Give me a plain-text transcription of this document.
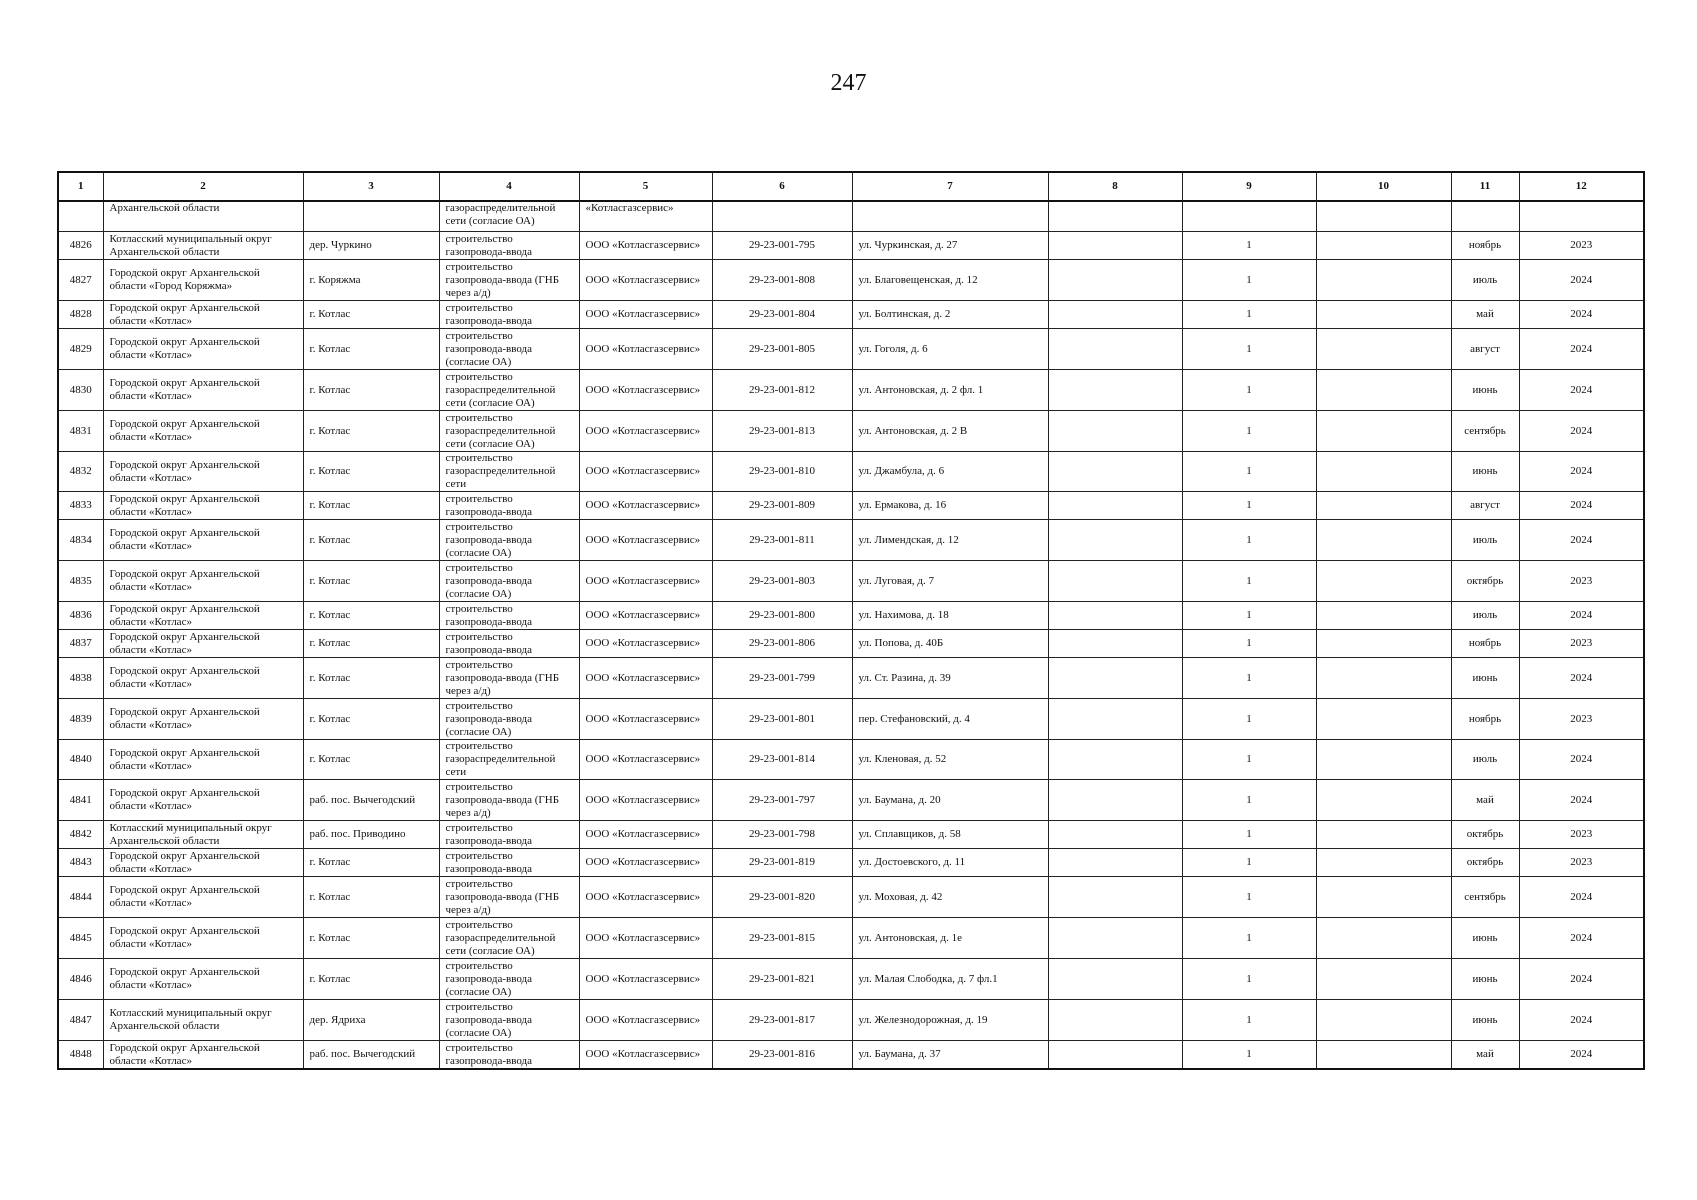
247
1	2	3	4	5	6	7	8	9	10	11	12
	Архангельской области		газораспределительной сети (согласие ОА)	«Котласгазсервис»							
4826	Котласский муниципальный округ Архангельской области	дер. Чуркино	строительство газопровода-ввода	ООО «Котласгазсервис»	29-23-001-795	ул. Чуркинская, д. 27		1		ноябрь	2023
4827	Городской округ Архангельской области «Город Коряжма»	г. Коряжма	строительство газопровода-ввода (ГНБ через а/д)	ООО «Котласгазсервис»	29-23-001-808	ул. Благовещенская, д. 12		1		июль	2024
4828	Городской округ Архангельской области «Котлас»	г. Котлас	строительство газопровода-ввода	ООО «Котласгазсервис»	29-23-001-804	ул. Болтинская, д. 2		1		май	2024
4829	Городской округ Архангельской области «Котлас»	г. Котлас	строительство газопровода-ввода (согласие ОА)	ООО «Котласгазсервис»	29-23-001-805	ул. Гоголя, д. 6		1		август	2024
4830	Городской округ Архангельской области «Котлас»	г. Котлас	строительство газораспределительной сети (согласие ОА)	ООО «Котласгазсервис»	29-23-001-812	ул. Антоновская, д. 2 фл. 1		1		июнь	2024
4831	Городской округ Архангельской области «Котлас»	г. Котлас	строительство газораспределительной сети (согласие ОА)	ООО «Котласгазсервис»	29-23-001-813	ул. Антоновская, д. 2 В		1		сентябрь	2024
4832	Городской округ Архангельской области «Котлас»	г. Котлас	строительство газораспределительной сети	ООО «Котласгазсервис»	29-23-001-810	ул. Джамбула, д. 6		1		июнь	2024
4833	Городской округ Архангельской области «Котлас»	г. Котлас	строительство газопровода-ввода	ООО «Котласгазсервис»	29-23-001-809	ул. Ермакова, д. 16		1		август	2024
4834	Городской округ Архангельской области «Котлас»	г. Котлас	строительство газопровода-ввода (согласие ОА)	ООО «Котласгазсервис»	29-23-001-811	ул. Лимендская, д. 12		1		июль	2024
4835	Городской округ Архангельской области «Котлас»	г. Котлас	строительство газопровода-ввода (согласие ОА)	ООО «Котласгазсервис»	29-23-001-803	ул. Луговая, д. 7		1		октябрь	2023
4836	Городской округ Архангельской области «Котлас»	г. Котлас	строительство газопровода-ввода	ООО «Котласгазсервис»	29-23-001-800	ул. Нахимова, д. 18		1		июль	2024
4837	Городской округ Архангельской области «Котлас»	г. Котлас	строительство газопровода-ввода	ООО «Котласгазсервис»	29-23-001-806	ул. Попова, д. 40Б		1		ноябрь	2023
4838	Городской округ Архангельской области «Котлас»	г. Котлас	строительство газопровода-ввода (ГНБ через а/д)	ООО «Котласгазсервис»	29-23-001-799	ул. Ст. Разина, д. 39		1		июнь	2024
4839	Городской округ Архангельской области «Котлас»	г. Котлас	строительство газопровода-ввода (согласие ОА)	ООО «Котласгазсервис»	29-23-001-801	пер. Стефановский, д. 4		1		ноябрь	2023
4840	Городской округ Архангельской области «Котлас»	г. Котлас	строительство газораспределительной сети	ООО «Котласгазсервис»	29-23-001-814	ул. Кленовая, д. 52		1		июль	2024
4841	Городской округ Архангельской области «Котлас»	раб. пос. Вычегодский	строительство газопровода-ввода (ГНБ через а/д)	ООО «Котласгазсервис»	29-23-001-797	ул. Баумана, д. 20		1		май	2024
4842	Котласский муниципальный округ Архангельской области	раб. пос. Приводино	строительство газопровода-ввода	ООО «Котласгазсервис»	29-23-001-798	ул. Сплавщиков, д. 58		1		октябрь	2023
4843	Городской округ Архангельской области «Котлас»	г. Котлас	строительство газопровода-ввода	ООО «Котласгазсервис»	29-23-001-819	ул. Достоевского, д. 11		1		октябрь	2023
4844	Городской округ Архангельской области «Котлас»	г. Котлас	строительство газопровода-ввода (ГНБ через а/д)	ООО «Котласгазсервис»	29-23-001-820	ул. Моховая, д. 42		1		сентябрь	2024
4845	Городской округ Архангельской области «Котлас»	г. Котлас	строительство газораспределительной сети (согласие ОА)	ООО «Котласгазсервис»	29-23-001-815	ул. Антоновская, д. 1е		1		июнь	2024
4846	Городской округ Архангельской области «Котлас»	г. Котлас	строительство газопровода-ввода (согласие ОА)	ООО «Котласгазсервис»	29-23-001-821	ул. Малая Слободка, д. 7 фл.1		1		июнь	2024
4847	Котласский муниципальный округ Архангельской области	дер. Ядриха	строительство газопровода-ввода (согласие ОА)	ООО «Котласгазсервис»	29-23-001-817	ул. Железнодорожная, д. 19		1		июнь	2024
4848	Городской округ Архангельской области «Котлас»	раб. пос. Вычегодский	строительство газопровода-ввода	ООО «Котласгазсервис»	29-23-001-816	ул. Баумана, д. 37		1		май	2024
